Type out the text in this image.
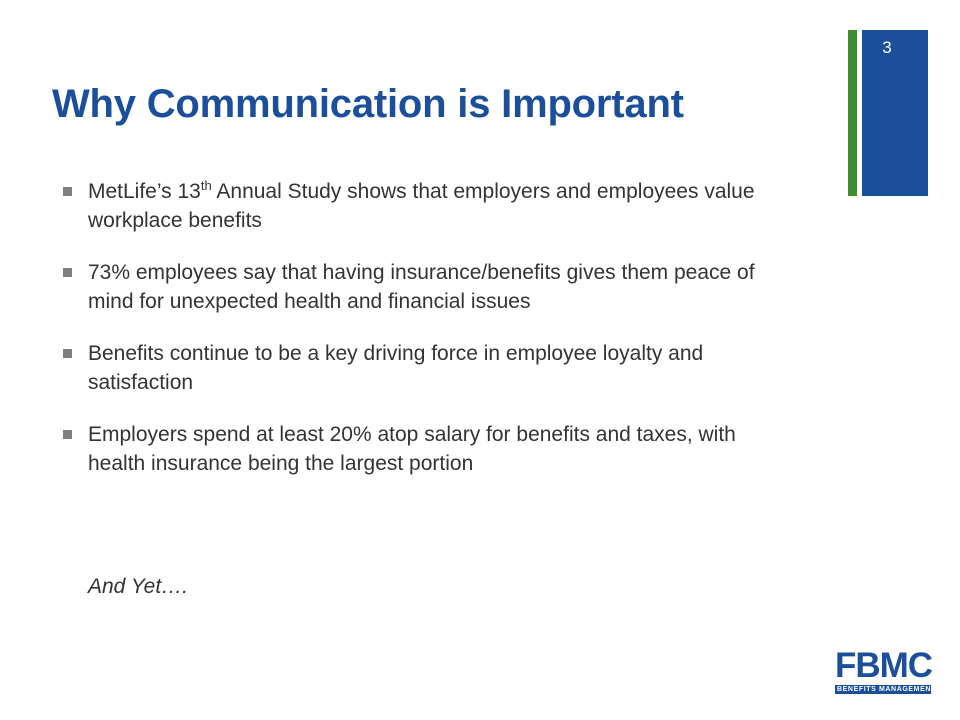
3
Why Communication is Important
MetLife’s 13th Annual Study shows that employers and employees value workplace benefits
73% employees say that having insurance/benefits gives them peace of mind for unexpected health and financial issues
Benefits continue to be a key driving force in employee loyalty and satisfaction
Employers spend at least 20% atop salary for benefits and taxes, with health insurance being the largest portion
And Yet….
FBMC
BENEFITS MANAGEMENT
